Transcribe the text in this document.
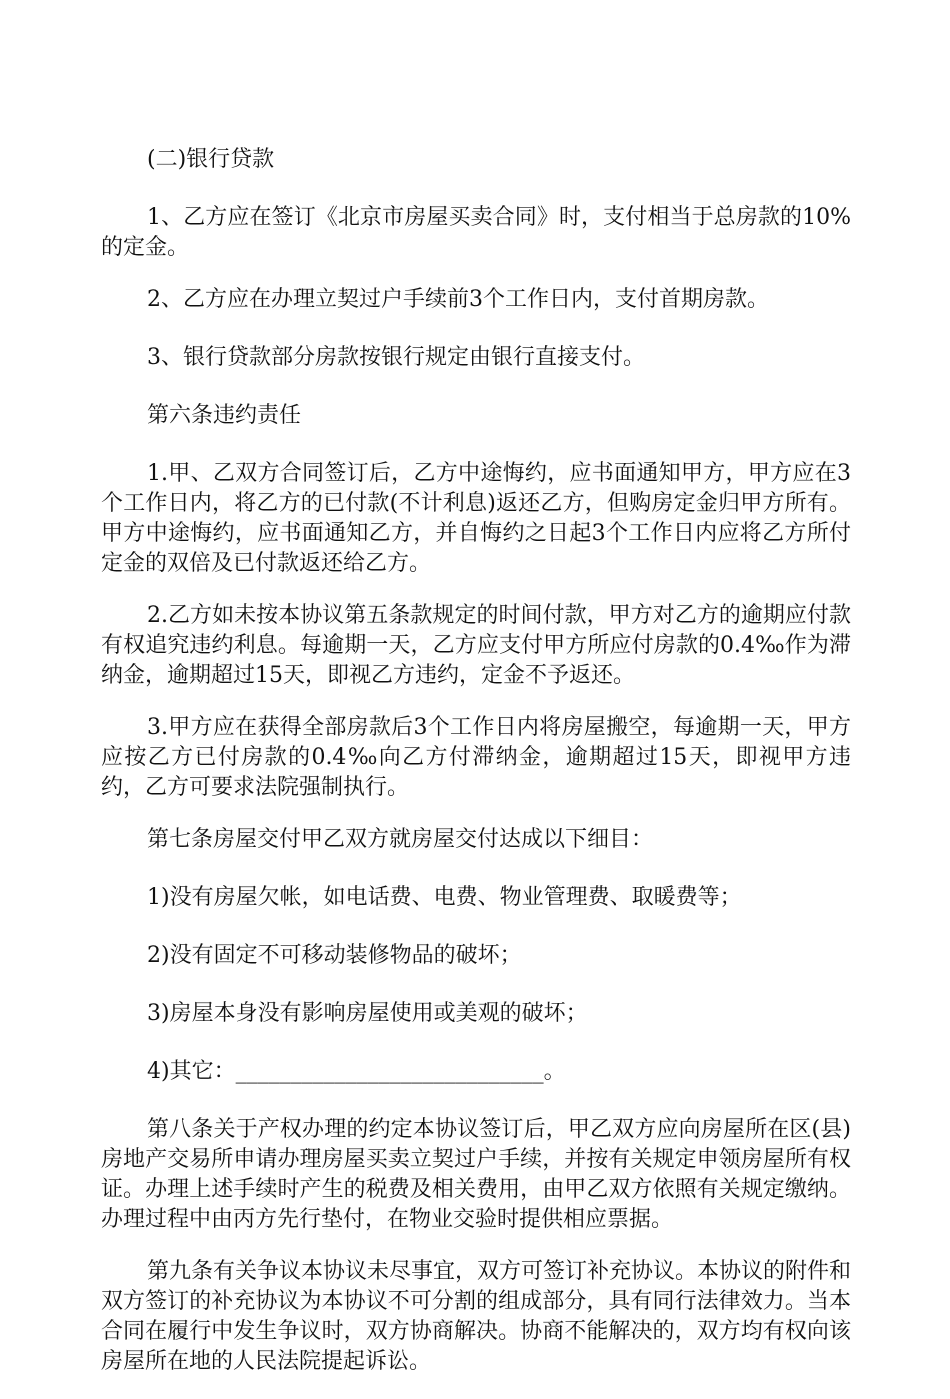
(二)银行贷款

1、乙方应在签订《北京市房屋买卖合同》时，支付相当于总房款的10%的定金。

2、乙方应在办理立契过户手续前3个工作日内，支付首期房款。

3、银行贷款部分房款按银行规定由银行直接支付。

第六条违约责任

1.甲、乙双方合同签订后，乙方中途悔约，应书面通知甲方，甲方应在3个工作日内，将乙方的已付款(不计利息)返还乙方，但购房定金归甲方所有。甲方中途悔约，应书面通知乙方，并自悔约之日起3个工作日内应将乙方所付定金的双倍及已付款返还给乙方。

2.乙方如未按本协议第五条款规定的时间付款，甲方对乙方的逾期应付款有权追究违约利息。每逾期一天，乙方应支付甲方所应付房款的0.4‰作为滞纳金，逾期超过15天，即视乙方违约，定金不予返还。

3.甲方应在获得全部房款后3个工作日内将房屋搬空，每逾期一天，甲方应按乙方已付房款的0.4‰向乙方付滞纳金，逾期超过15天，即视甲方违约，乙方可要求法院强制执行。

第七条房屋交付甲乙双方就房屋交付达成以下细目：

1)没有房屋欠帐，如电话费、电费、物业管理费、取暖费等；

2)没有固定不可移动装修物品的破坏；

3)房屋本身没有影响房屋使用或美观的破坏；

4)其它：____________________________。

第八条关于产权办理的约定本协议签订后，甲乙双方应向房屋所在区(县)房地产交易所申请办理房屋买卖立契过户手续，并按有关规定申领房屋所有权证。办理上述手续时产生的税费及相关费用，由甲乙双方依照有关规定缴纳。办理过程中由丙方先行垫付，在物业交验时提供相应票据。

第九条有关争议本协议未尽事宜，双方可签订补充协议。本协议的附件和双方签订的补充协议为本协议不可分割的组成部分，具有同行法律效力。当本合同在履行中发生争议时，双方协商解决。协商不能解决的，双方均有权向该房屋所在地的人民法院提起诉讼。
